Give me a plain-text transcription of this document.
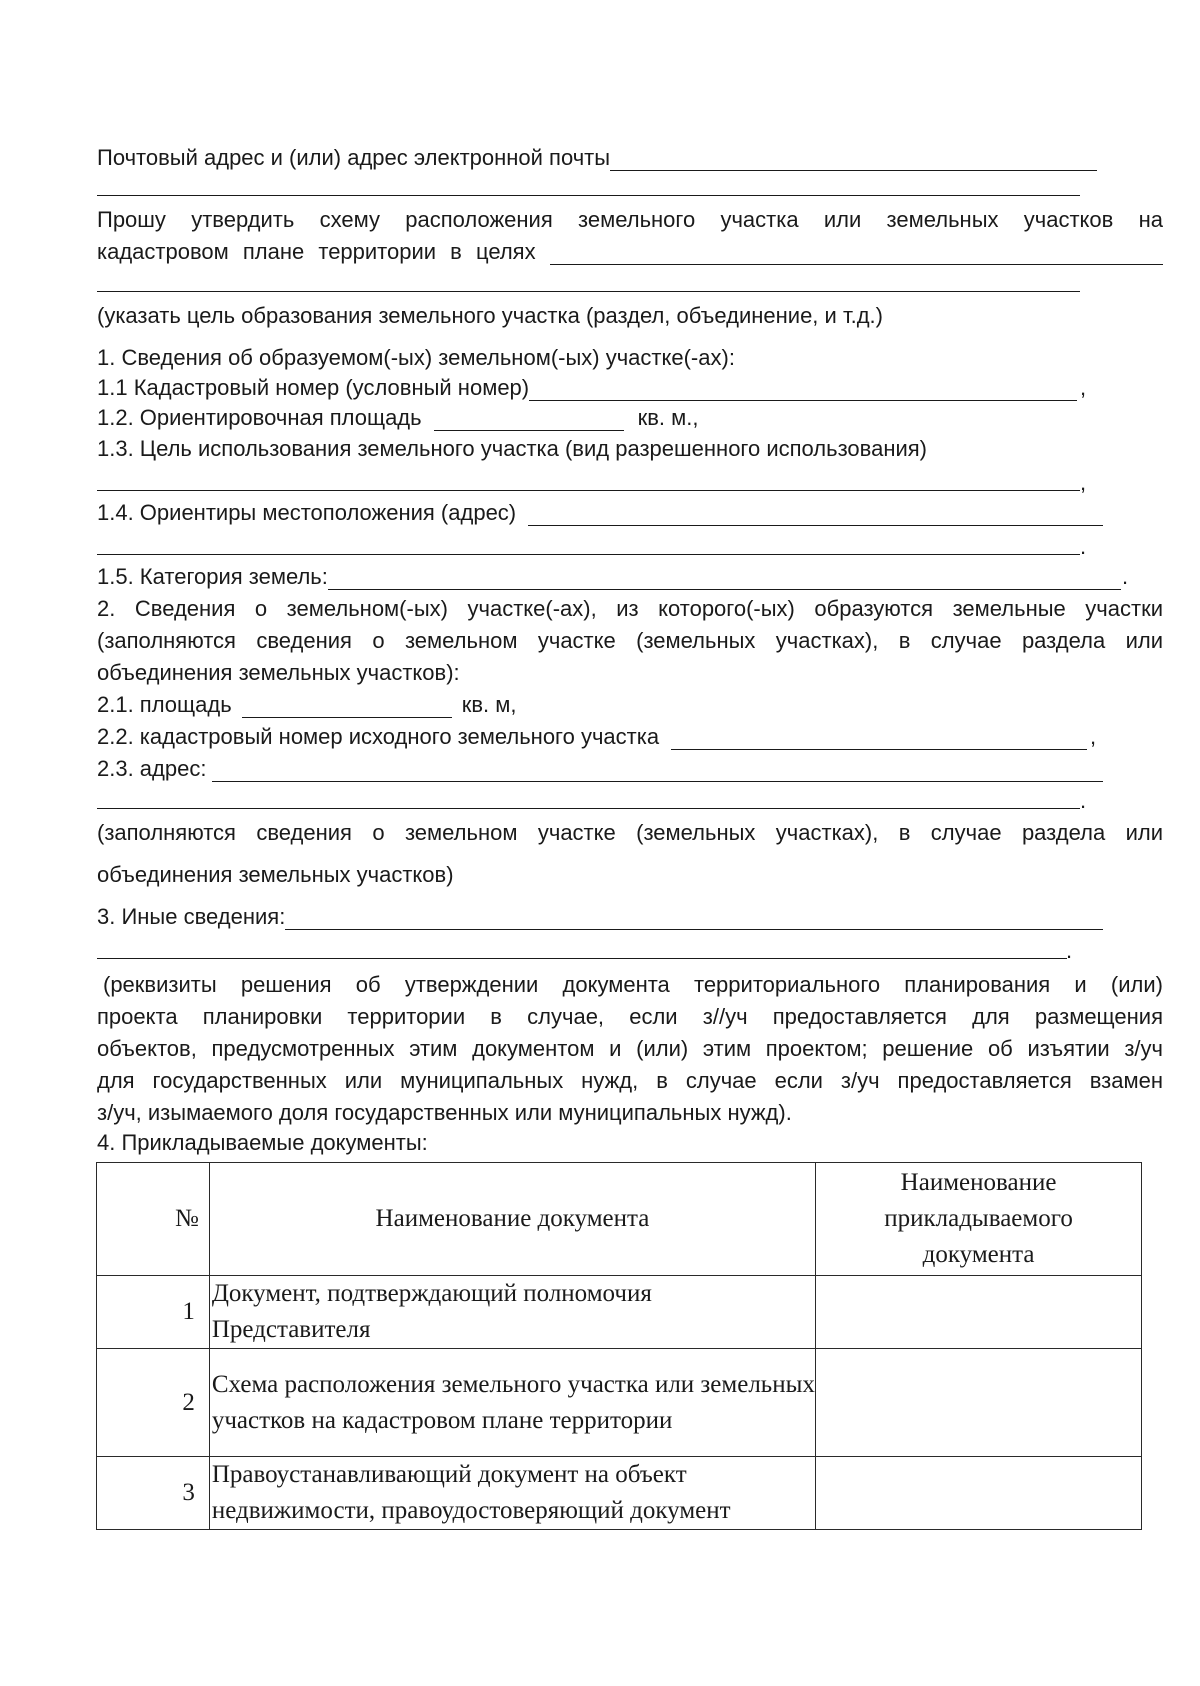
Почтовый адрес и (или) адрес электронной почты
Прошу утвердить схему расположения земельного участка или земельных участков на
кадастровом плане территории в целях
(указать цель образования земельного участка (раздел, объединение, и т.д.)
1. Сведения об образуемом(-ых) земельном(-ых) участке(-ах):
1.1 Кадастровый номер (условный номер)	,
1.2. Ориентировочная площадь	кв. м.,
1.3. Цель использования земельного участка (вид разрешенного использования)
,
1.4. Ориентиры местоположения (адрес)
.
1.5. Категория земель:	.
2. Сведения о земельном(-ых) участке(-ах), из которого(-ых) образуются земельные участки
(заполняются сведения о земельном участке (земельных участках), в случае раздела или
объединения земельных участков):
2.1. площадь	кв. м,
2.2. кадастровый номер исходного земельного участка	,
2.3. адрес:
.
(заполняются сведения о земельном участке (земельных участках), в случае раздела или
объединения земельных участков)
3. Иные сведения:
.
(реквизиты решения об утверждении документа территориального планирования и (или)
проекта планировки территории в случае, если з//уч предоставляется для размещения
объектов, предусмотренных этим документом и (или) этим проектом; решение об изъятии з/уч
для государственных или муниципальных нужд, в случае если з/уч предоставляется взамен
з/уч, изымаемого доля государственных или муниципальных нужд).
4. Прикладываемые документы:
№	Наименование документа	Наименование прикладываемого документа
1	Документ, подтверждающий полномочия Представителя	
2	Схема расположения земельного участка или земельных участков на кадастровом плане территории	
3	Правоустанавливающий документ на объект недвижимости, правоудостоверяющий документ	
